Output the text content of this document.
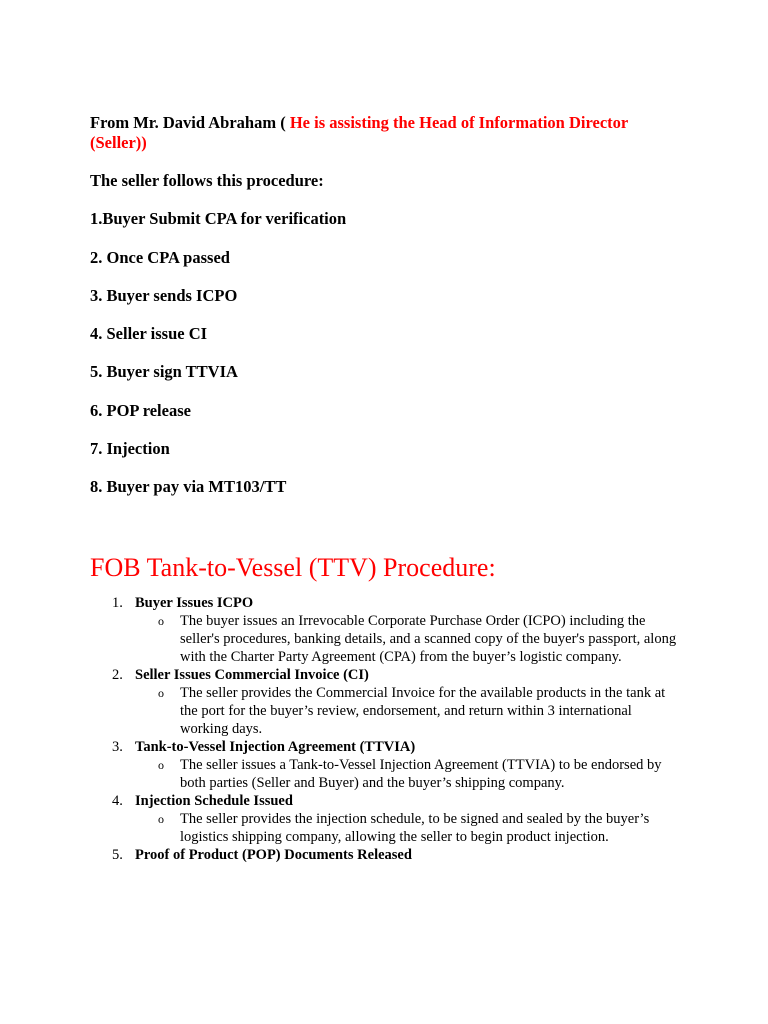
From Mr. David Abraham ( He is assisting the Head of Information Director (Seller))

The seller follows this procedure:

1.Buyer Submit CPA for verification
2. Once CPA passed
3. Buyer sends ICPO
4. Seller issue CI
5. Buyer sign TTVIA
6. POP release
7. Injection
8. Buyer pay via MT103/TT
FOB Tank-to-Vessel (TTV) Procedure:
1. Buyer Issues ICPO
o The buyer issues an Irrevocable Corporate Purchase Order (ICPO) including the seller's procedures, banking details, and a scanned copy of the buyer's passport, along with the Charter Party Agreement (CPA) from the buyer’s logistic company.
2. Seller Issues Commercial Invoice (CI)
o The seller provides the Commercial Invoice for the available products in the tank at the port for the buyer’s review, endorsement, and return within 3 international working days.
3. Tank-to-Vessel Injection Agreement (TTVIA)
o The seller issues a Tank-to-Vessel Injection Agreement (TTVIA) to be endorsed by both parties (Seller and Buyer) and the buyer’s shipping company.
4. Injection Schedule Issued
o The seller provides the injection schedule, to be signed and sealed by the buyer’s logistics shipping company, allowing the seller to begin product injection.
5. Proof of Product (POP) Documents Released
